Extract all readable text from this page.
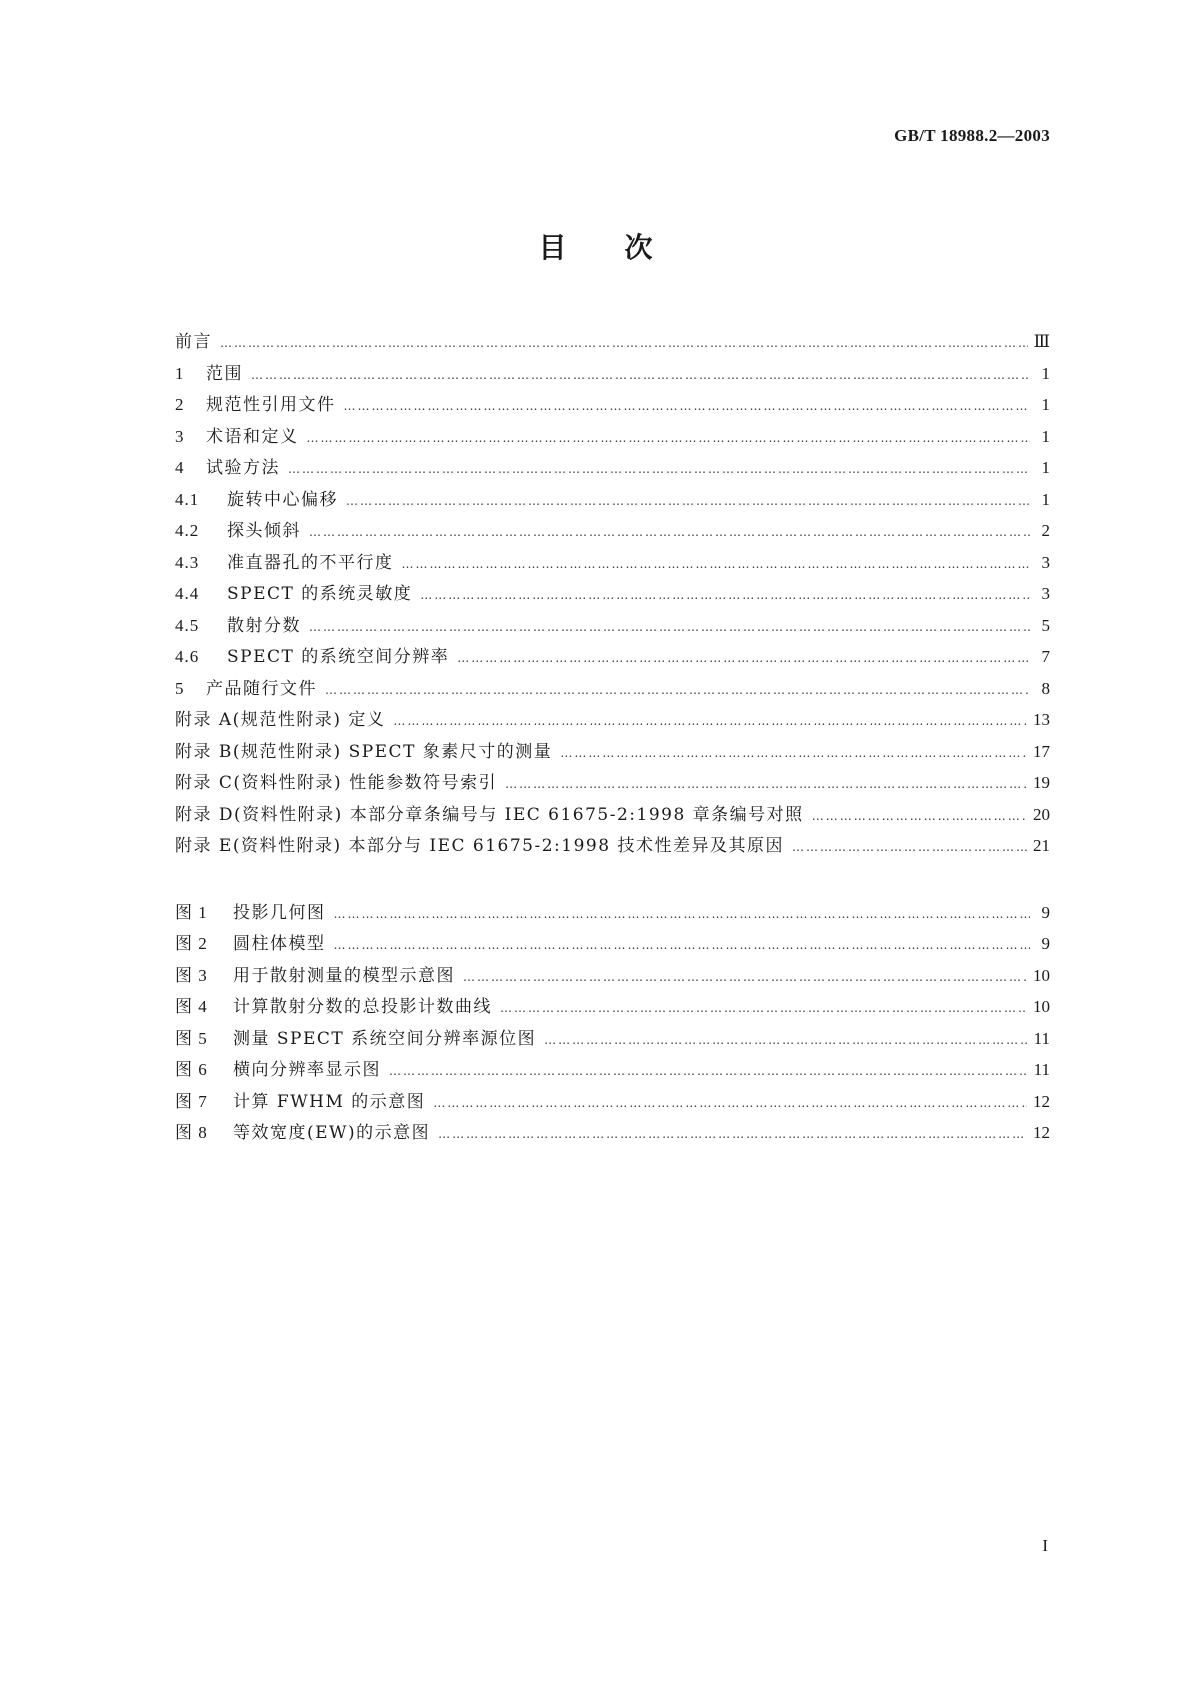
GB/T 18988.2—2003
目 次
前言 …………………………………………………………………………………………………………………………………………………………………………………………………	Ⅲ
1	范围 …………………………………………………………………………………………………………………………………………………………………………………………………	1
2	规范性引用文件 …………………………………………………………………………………………………………………………………………………………………………………………………	1
3	术语和定义 …………………………………………………………………………………………………………………………………………………………………………………………………	1
4	试验方法 …………………………………………………………………………………………………………………………………………………………………………………………………	1
4.1	旋转中心偏移 …………………………………………………………………………………………………………………………………………………………………………………………………	1
4.2	探头倾斜 …………………………………………………………………………………………………………………………………………………………………………………………………	2
4.3	准直器孔的不平行度 …………………………………………………………………………………………………………………………………………………………………………………………………	3
4.4	SPECT 的系统灵敏度 …………………………………………………………………………………………………………………………………………………………………………………………………	3
4.5	散射分数 …………………………………………………………………………………………………………………………………………………………………………………………………	5
4.6	SPECT 的系统空间分辨率 …………………………………………………………………………………………………………………………………………………………………………………………………	7
5	产品随行文件 …………………………………………………………………………………………………………………………………………………………………………………………………	8
附录 A(规范性附录) 定义 …………………………………………………………………………………………………………………………………………………………………………………………………	13
附录 B(规范性附录) SPECT 象素尺寸的测量 …………………………………………………………………………………………………………………………………………………………………………………………………	17
附录 C(资料性附录) 性能参数符号索引 …………………………………………………………………………………………………………………………………………………………………………………………………	19
附录 D(资料性附录) 本部分章条编号与 IEC 61675-2:1998 章条编号对照 …………………………………………………………………………………………………………………………………………………………………………………………………	20
附录 E(资料性附录) 本部分与 IEC 61675-2:1998 技术性差异及其原因 …………………………………………………………………………………………………………………………………………………………………………………………………	21
图 1	投影几何图 …………………………………………………………………………………………………………………………………………………………………………………………………	9
图 2	圆柱体模型 …………………………………………………………………………………………………………………………………………………………………………………………………	9
图 3	用于散射测量的模型示意图 …………………………………………………………………………………………………………………………………………………………………………………………………	10
图 4	计算散射分数的总投影计数曲线 …………………………………………………………………………………………………………………………………………………………………………………………………	10
图 5	测量 SPECT 系统空间分辨率源位图 …………………………………………………………………………………………………………………………………………………………………………………………………	11
图 6	横向分辨率显示图 …………………………………………………………………………………………………………………………………………………………………………………………………	11
图 7	计算 FWHM 的示意图 …………………………………………………………………………………………………………………………………………………………………………………………………	12
图 8	等效宽度(EW)的示意图 …………………………………………………………………………………………………………………………………………………………………………………………………	12
I
